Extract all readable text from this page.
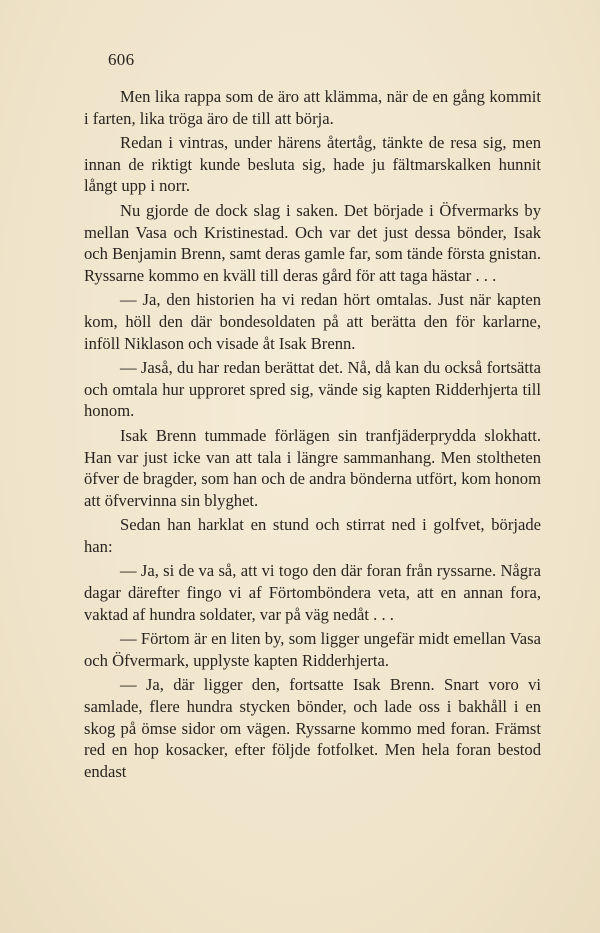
606

Men lika rappa som de äro att klämma, när de en gång kommit i farten, lika tröga äro de till att börja.

Redan i vintras, under härens återtåg, tänkte de resa sig, men innan de riktigt kunde besluta sig, hade ju fältmarskalken hunnit långt upp i norr.

Nu gjorde de dock slag i saken. Det började i Öfvermarks by mellan Vasa och Kristinestad. Och var det just dessa bönder, Isak och Benjamin Brenn, samt deras gamle far, som tände första gnistan. Ryssarne kommo en kväll till deras gård för att taga hästar . . .

— Ja, den historien ha vi redan hört omtalas. Just när kapten kom, höll den där bondesoldaten på att berätta den för karlarne, inföll Niklason och visade åt Isak Brenn.

— Jaså, du har redan berättat det. Nå, då kan du också fortsätta och omtala hur upproret spred sig, vände sig kapten Ridderhjerta till honom.

Isak Brenn tummade förlägen sin tranfjäderprydda slokhatt. Han var just icke van att tala i längre sammanhang. Men stoltheten öfver de bragder, som han och de andra bönderna utfört, kom honom att öfvervinna sin blyghet.

Sedan han harklat en stund och stirrat ned i golfvet, började han:

— Ja, si de va så, att vi togo den där foran från ryssarne. Några dagar därefter fingo vi af Förtomböndera veta, att en annan fora, vaktad af hundra soldater, var på väg nedåt . . .

— Förtom är en liten by, som ligger ungefär midt emellan Vasa och Öfvermark, upplyste kapten Ridderhjerta.

— Ja, där ligger den, fortsatte Isak Brenn. Snart voro vi samlade, flere hundra stycken bönder, och lade oss i bakhåll i en skog på ömse sidor om vägen. Ryssarne kommo med foran. Främst red en hop kosacker, efter följde fotfolket. Men hela foran bestod endast
